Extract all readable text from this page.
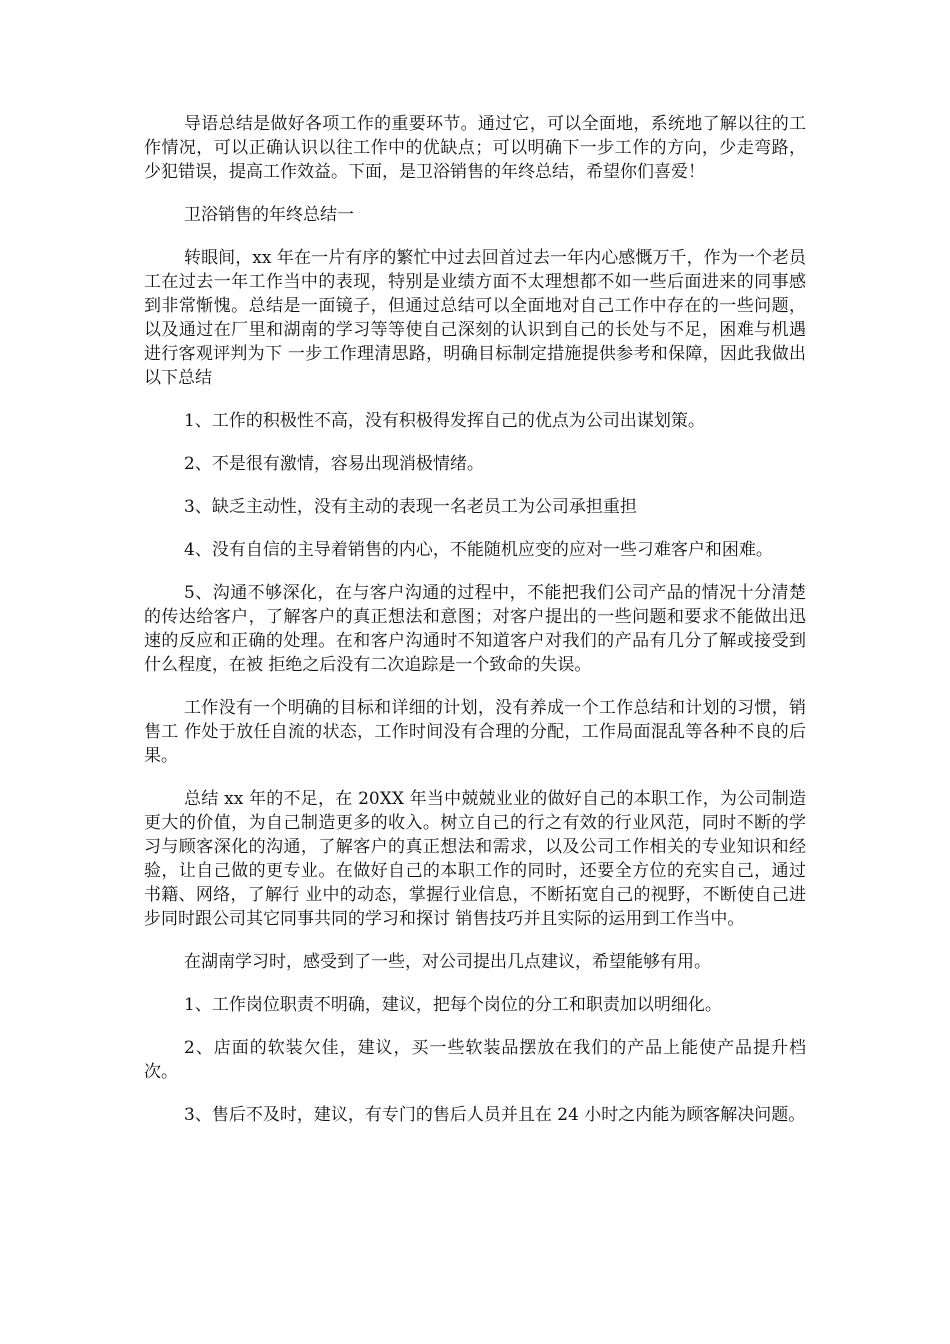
导语总结是做好各项工作的重要环节。通过它，可以全面地，系统地了解以往的工作情况，可以正确认识以往工作中的优缺点；可以明确下一步工作的方向，少走弯路，少犯错误，提高工作效益。下面，是卫浴销售的年终总结，希望你们喜爱！

卫浴销售的年终总结一

转眼间，xx 年在一片有序的繁忙中过去回首过去一年内心感慨万千，作为一个老员工在过去一年工作当中的表现，特别是业绩方面不太理想都不如一些后面进来的同事感到非常惭愧。总结是一面镜子，但通过总结可以全面地对自己工作中存在的一些问题，以及通过在厂里和湖南的学习等等使自己深刻的认识到自己的长处与不足，困难与机遇进行客观评判为下 一步工作理清思路，明确目标制定措施提供参考和保障，因此我做出以下总结

1、工作的积极性不高，没有积极得发挥自己的优点为公司出谋划策。

2、不是很有激情，容易出现消极情绪。

3、缺乏主动性，没有主动的表现一名老员工为公司承担重担

4、没有自信的主导着销售的内心，不能随机应变的应对一些刁难客户和困难。

5、沟通不够深化，在与客户沟通的过程中，不能把我们公司产品的情况十分清楚的传达给客户，了解客户的真正想法和意图；对客户提出的一些问题和要求不能做出迅速的反应和正确的处理。在和客户沟通时不知道客户对我们的产品有几分了解或接受到什么程度，在被 拒绝之后没有二次追踪是一个致命的失误。

工作没有一个明确的目标和详细的计划，没有养成一个工作总结和计划的习惯，销售工 作处于放任自流的状态，工作时间没有合理的分配，工作局面混乱等各种不良的后果。

总结 xx 年的不足，在 20XX 年当中兢兢业业的做好自己的本职工作，为公司制造更大的价值，为自己制造更多的收入。树立自己的行之有效的行业风范，同时不断的学习与顾客深化的沟通，了解客户的真正想法和需求，以及公司工作相关的专业知识和经验，让自己做的更专业。在做好自己的本职工作的同时，还要全方位的充实自己，通过书籍、网络，了解行 业中的动态，掌握行业信息，不断拓宽自己的视野，不断使自己进步同时跟公司其它同事共同的学习和探讨 销售技巧并且实际的运用到工作当中。

在湖南学习时，感受到了一些，对公司提出几点建议，希望能够有用。

1、工作岗位职责不明确，建议，把每个岗位的分工和职责加以明细化。

2、店面的软装欠佳，建议，买一些软装品摆放在我们的产品上能使产品提升档次。

3、售后不及时，建议，有专门的售后人员并且在 24 小时之内能为顾客解决问题。
